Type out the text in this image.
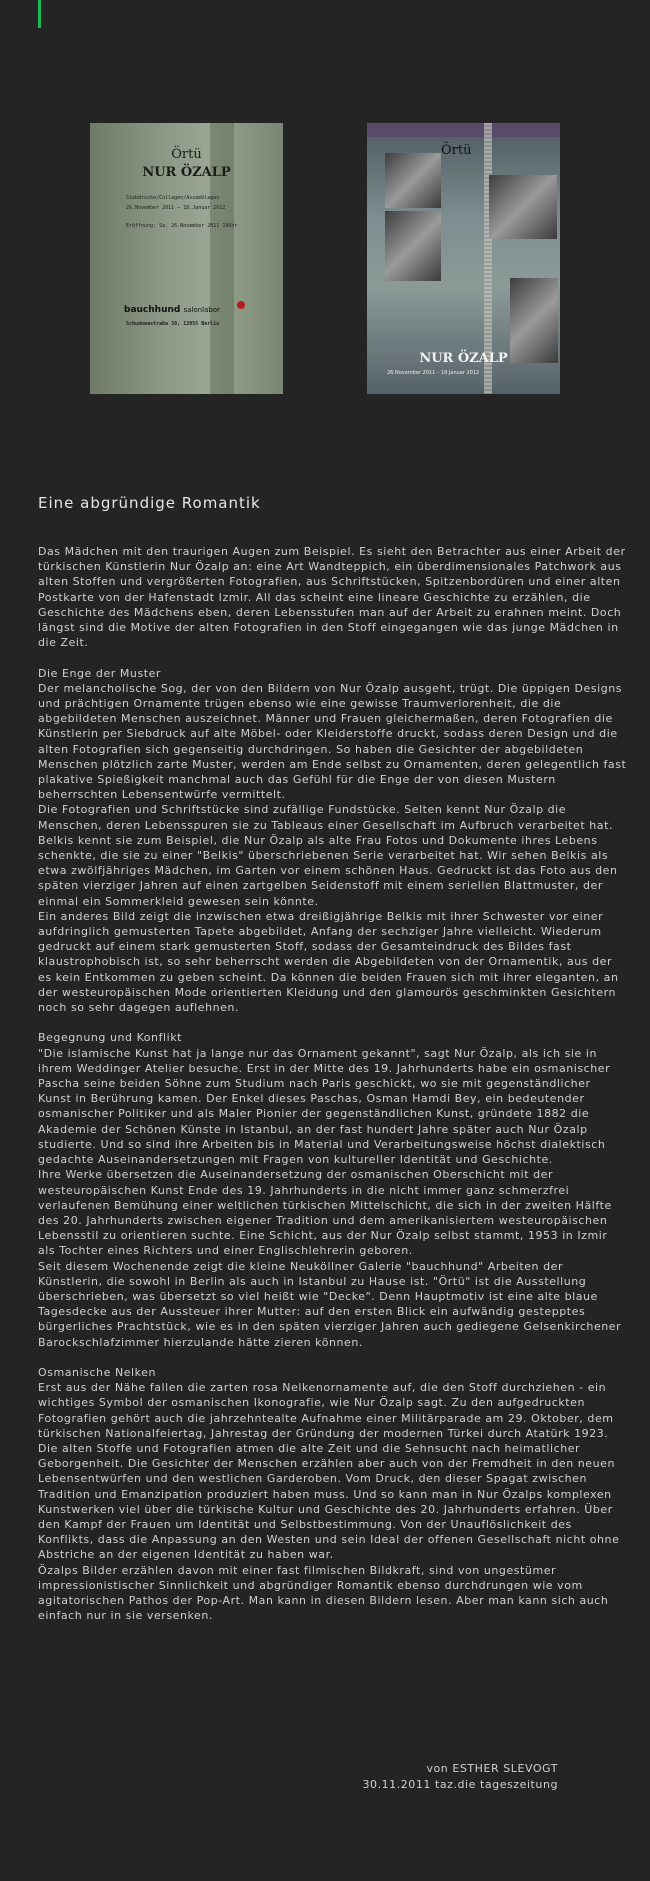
Örtü
NUR ÖZALP
Siebdrucke/Collagen/Assemblagen
26.November 2011 – 18.Januar 2012
Eröffnung: Sa. 26.November 2011 19Uhr
bauchhund salonlabor
Schudomastraße 38, 12055 Berlin
Örtü
NUR ÖZALP
26.November 2011 – 18.Januar 2012
Eine abgründige Romantik

Das Mädchen mit den traurigen Augen zum Beispiel. Es sieht den Betrachter aus einer Arbeit der türkischen Künstlerin Nur Özalp an: eine Art Wandteppich, ein überdimensionales Patchwork aus alten Stoffen und vergrößerten Fotografien, aus Schriftstücken, Spitzenbordüren und einer alten Postkarte von der Hafenstadt Izmir. All das scheint eine lineare Geschichte zu erzählen, die Geschichte des Mädchens eben, deren Lebensstufen man auf der Arbeit zu erahnen meint. Doch längst sind die Motive der alten Fotografien in den Stoff eingegangen wie das junge Mädchen in die Zeit.

Die Enge der Muster
Der melancholische Sog, der von den Bildern von Nur Özalp ausgeht, trügt. Die üppigen Designs und prächtigen Ornamente trügen ebenso wie eine gewisse Traumverlorenheit, die die abgebildeten Menschen auszeichnet. Männer und Frauen gleichermaßen, deren Fotografien die Künstlerin per Siebdruck auf alte Möbel- oder Kleiderstoffe druckt, sodass deren Design und die alten Fotografien sich gegenseitig durchdringen. So haben die Gesichter der abgebildeten Menschen plötzlich zarte Muster, werden am Ende selbst zu Ornamenten, deren gelegentlich fast plakative Spießigkeit manchmal auch das Gefühl für die Enge der von diesen Mustern beherrschten Lebensentwürfe vermittelt.
Die Fotografien und Schriftstücke sind zufällige Fundstücke. Selten kennt Nur Özalp die Menschen, deren Lebensspuren sie zu Tableaus einer Gesellschaft im Aufbruch verarbeitet hat. Belkis kennt sie zum Beispiel, die Nur Özalp als alte Frau Fotos und Dokumente ihres Lebens schenkte, die sie zu einer "Belkis" überschriebenen Serie verarbeitet hat. Wir sehen Belkis als etwa zwölfjähriges Mädchen, im Garten vor einem schönen Haus. Gedruckt ist das Foto aus den späten vierziger Jahren auf einen zartgelben Seidenstoff mit einem seriellen Blattmuster, der einmal ein Sommerkleid gewesen sein könnte.
Ein anderes Bild zeigt die inzwischen etwa dreißigjährige Belkis mit ihrer Schwester vor einer aufdringlich gemusterten Tapete abgebildet, Anfang der sechziger Jahre vielleicht. Wiederum gedruckt auf einem stark gemusterten Stoff, sodass der Gesamteindruck des Bildes fast klaustrophobisch ist, so sehr beherrscht werden die Abgebildeten von der Ornamentik, aus der es kein Entkommen zu geben scheint. Da können die beiden Frauen sich mit ihrer eleganten, an der westeuropäischen Mode orientierten Kleidung und den glamourös geschminkten Gesichtern noch so sehr dagegen auflehnen.

Begegnung und Konflikt
"Die islamische Kunst hat ja lange nur das Ornament gekannt", sagt Nur Özalp, als ich sie in ihrem Weddinger Atelier besuche. Erst in der Mitte des 19. Jahrhunderts habe ein osmanischer Pascha seine beiden Söhne zum Studium nach Paris geschickt, wo sie mit gegenständlicher Kunst in Berührung kamen. Der Enkel dieses Paschas, Osman Hamdi Bey, ein bedeutender osmanischer Politiker und als Maler Pionier der gegenständlichen Kunst, gründete 1882 die Akademie der Schönen Künste in Istanbul, an der fast hundert Jahre später auch Nur Özalp studierte. Und so sind ihre Arbeiten bis in Material und Verarbeitungsweise höchst dialektisch gedachte Auseinandersetzungen mit Fragen von kultureller Identität und Geschichte.
Ihre Werke übersetzen die Auseinandersetzung der osmanischen Oberschicht mit der westeuropäischen Kunst Ende des 19. Jahrhunderts in die nicht immer ganz schmerzfrei verlaufenen Bemühung einer weltlichen türkischen Mittelschicht, die sich in der zweiten Hälfte des 20. Jahrhunderts zwischen eigener Tradition und dem amerikanisiertem westeuropäischen Lebensstil zu orientieren suchte. Eine Schicht, aus der Nur Özalp selbst stammt, 1953 in Izmir als Tochter eines Richters und einer Englischlehrerin geboren.
Seit diesem Wochenende zeigt die kleine Neuköllner Galerie "bauchhund" Arbeiten der Künstlerin, die sowohl in Berlin als auch in Istanbul zu Hause ist. "Örtü" ist die Ausstellung überschrieben, was übersetzt so viel heißt wie "Decke". Denn Hauptmotiv ist eine alte blaue Tagesdecke aus der Aussteuer ihrer Mutter: auf den ersten Blick ein aufwändig gestepptes bürgerliches Prachtstück, wie es in den späten vierziger Jahren auch gediegene Gelsenkirchener Barockschlafzimmer hierzulande hätte zieren können.

Osmanische Nelken
Erst aus der Nähe fallen die zarten rosa Nelkenornamente auf, die den Stoff durchziehen - ein wichtiges Symbol der osmanischen Ikonografie, wie Nur Özalp sagt. Zu den aufgedruckten Fotografien gehört auch die jahrzehntealte Aufnahme einer Militärparade am 29. Oktober, dem türkischen Nationalfeiertag, Jahrestag der Gründung der modernen Türkei durch Atatürk 1923.
Die alten Stoffe und Fotografien atmen die alte Zeit und die Sehnsucht nach heimatlicher Geborgenheit. Die Gesichter der Menschen erzählen aber auch von der Fremdheit in den neuen Lebensentwürfen und den westlichen Garderoben. Vom Druck, den dieser Spagat zwischen Tradition und Emanzipation produziert haben muss. Und so kann man in Nur Özalps komplexen Kunstwerken viel über die türkische Kultur und Geschichte des 20. Jahrhunderts erfahren. Über den Kampf der Frauen um Identität und Selbstbestimmung. Von der Unauflöslichkeit des Konflikts, dass die Anpassung an den Westen und sein Ideal der offenen Gesellschaft nicht ohne Abstriche an der eigenen Identität zu haben war.
Özalps Bilder erzählen davon mit einer fast filmischen Bildkraft, sind von ungestümer impressionistischer Sinnlichkeit und abgründiger Romantik ebenso durchdrungen wie vom agitatorischen Pathos der Pop-Art. Man kann in diesen Bildern lesen. Aber man kann sich auch einfach nur in sie versenken.

von ESTHER SLEVOGT
30.11.2011 taz.die tageszeitung
